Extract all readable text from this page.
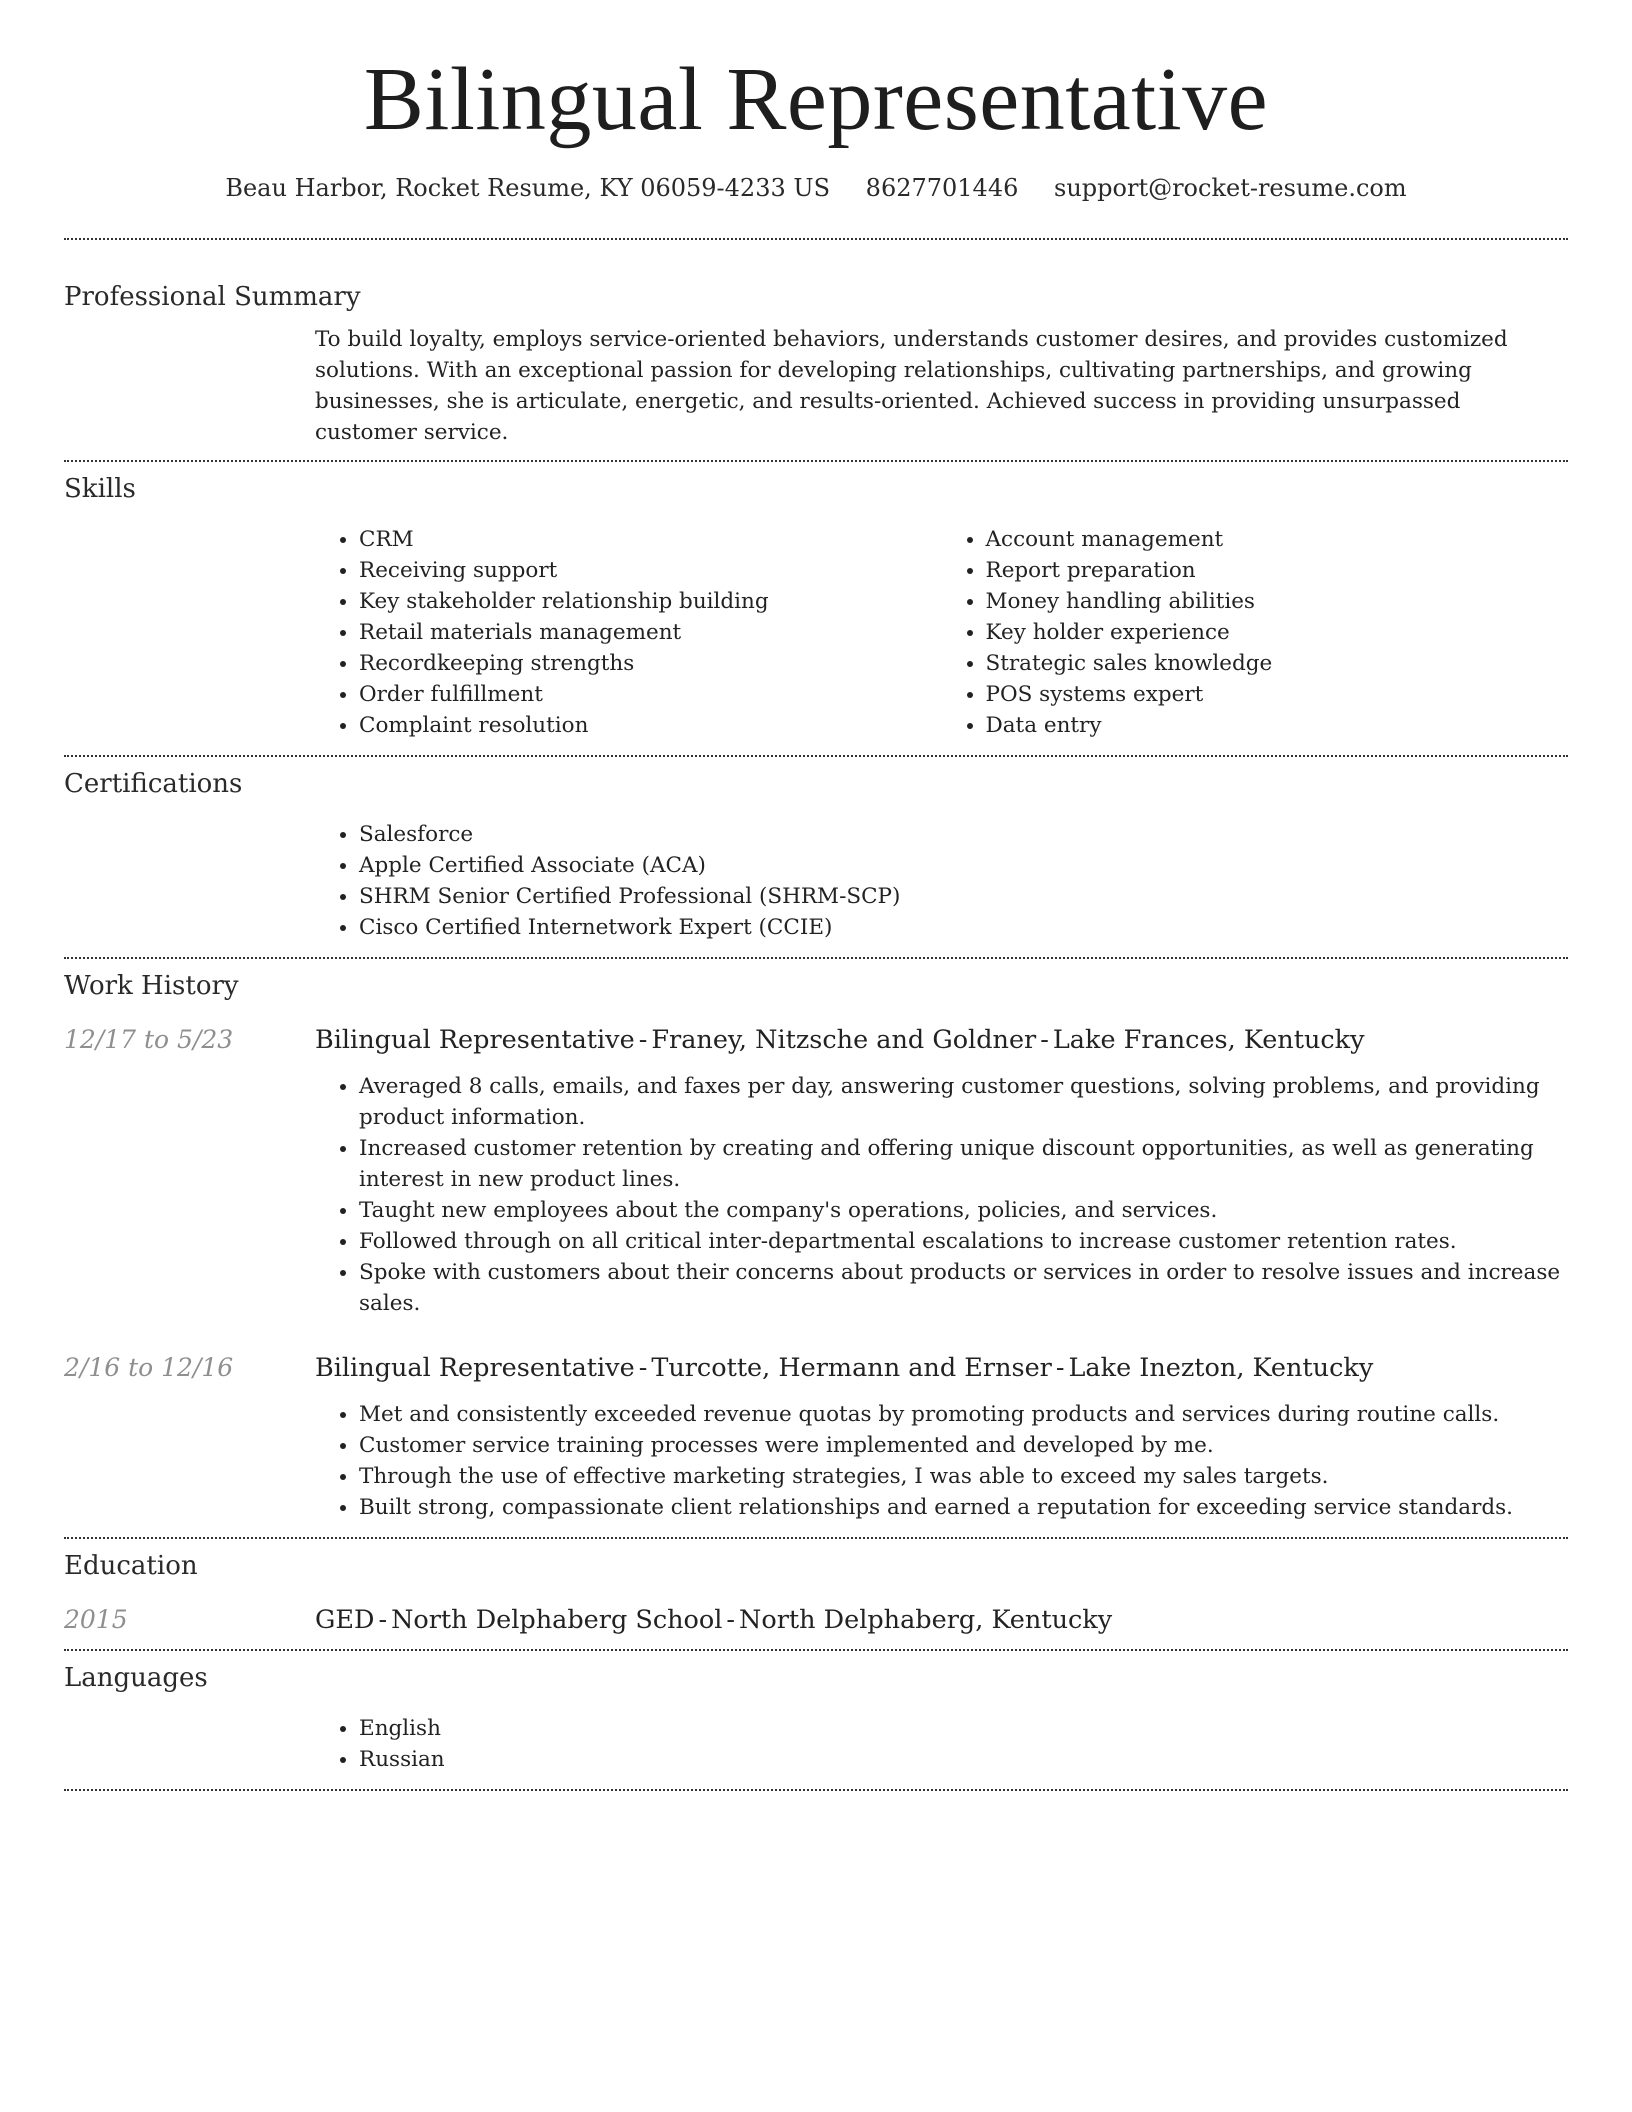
Bilingual Representative
Beau Harbor, Rocket Resume, KY 06059-4233 US 8627701446 support@rocket-resume.com
Professional Summary

To build loyalty, employs service-oriented behaviors, understands customer desires, and provides customized solutions. With an exceptional passion for developing relationships, cultivating partnerships, and growing businesses, she is articulate, energetic, and results-oriented. Achieved success in providing unsurpassed customer service.

Skills
• CRM
• Receiving support
• Key stakeholder relationship building
• Retail materials management
• Recordkeeping strengths
• Order fulfillment
• Complaint resolution
• Account management
• Report preparation
• Money handling abilities
• Key holder experience
• Strategic sales knowledge
• POS systems expert
• Data entry
Certifications
• Salesforce
• Apple Certified Associate (ACA)
• SHRM Senior Certified Professional (SHRM-SCP)
• Cisco Certified Internetwork Expert (CCIE)
Work History
12/17 to 5/23	Bilingual Representative - Franey, Nitzsche and Goldner - Lake Frances, Kentucky
• Averaged 8 calls, emails, and faxes per day, answering customer questions, solving problems, and providing product information.
• Increased customer retention by creating and offering unique discount opportunities, as well as generating interest in new product lines.
• Taught new employees about the company's operations, policies, and services.
• Followed through on all critical inter-departmental escalations to increase customer retention rates.
• Spoke with customers about their concerns about products or services in order to resolve issues and increase sales.
2/16 to 12/16	Bilingual Representative - Turcotte, Hermann and Ernser - Lake Inezton, Kentucky
• Met and consistently exceeded revenue quotas by promoting products and services during routine calls.
• Customer service training processes were implemented and developed by me.
• Through the use of effective marketing strategies, I was able to exceed my sales targets.
• Built strong, compassionate client relationships and earned a reputation for exceeding service standards.
Education
2015	GED - North Delphaberg School - North Delphaberg, Kentucky
Languages
• English
• Russian
